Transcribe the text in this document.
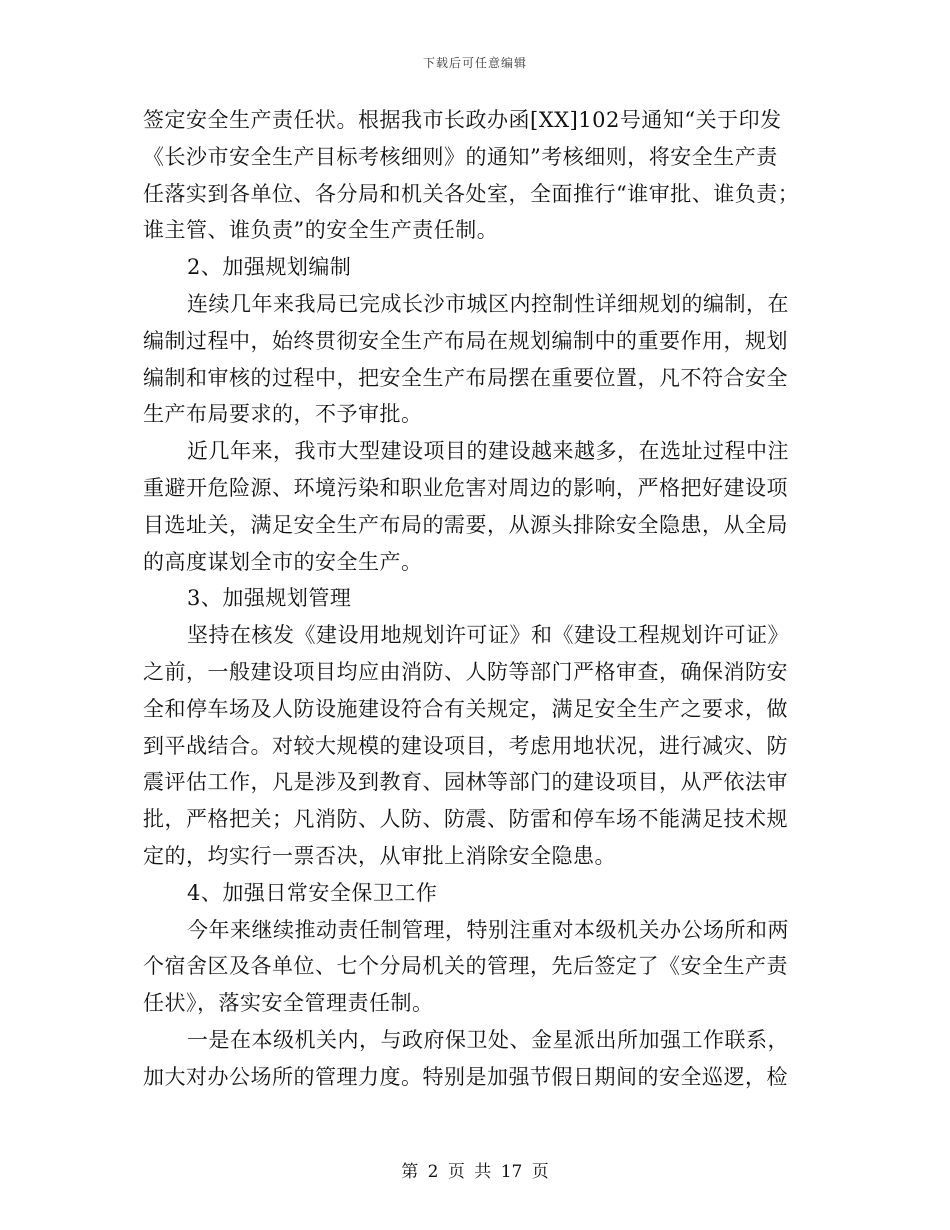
下载后可任意编辑
签定安全生产责任状。根据我市长政办函[XX]102号通知“关于印发
《长沙市安全生产目标考核细则》的通知”考核细则，将安全生产责
任落实到各单位、各分局和机关各处室，全面推行“谁审批、谁负责；
谁主管、谁负责”的安全生产责任制。
2、加强规划编制
连续几年来我局已完成长沙市城区内控制性详细规划的编制，在
编制过程中，始终贯彻安全生产布局在规划编制中的重要作用，规划
编制和审核的过程中，把安全生产布局摆在重要位置，凡不符合安全
生产布局要求的，不予审批。
近几年来，我市大型建设项目的建设越来越多，在选址过程中注
重避开危险源、环境污染和职业危害对周边的影响，严格把好建设项
目选址关，满足安全生产布局的需要，从源头排除安全隐患，从全局
的高度谋划全市的安全生产。
3、加强规划管理
坚持在核发《建设用地规划许可证》和《建设工程规划许可证》
之前，一般建设项目均应由消防、人防等部门严格审查，确保消防安
全和停车场及人防设施建设符合有关规定，满足安全生产之要求，做
到平战结合。对较大规模的建设项目，考虑用地状况，进行减灾、防
震评估工作，凡是涉及到教育、园林等部门的建设项目，从严依法审
批，严格把关；凡消防、人防、防震、防雷和停车场不能满足技术规
定的，均实行一票否决，从审批上消除安全隐患。
4、加强日常安全保卫工作
今年来继续推动责任制管理，特别注重对本级机关办公场所和两
个宿舍区及各单位、七个分局机关的管理，先后签定了《安全生产责
任状》，落实安全管理责任制。
一是在本级机关内，与政府保卫处、金星派出所加强工作联系，
加大对办公场所的管理力度。特别是加强节假日期间的安全巡逻，检
第 2 页 共 17 页
